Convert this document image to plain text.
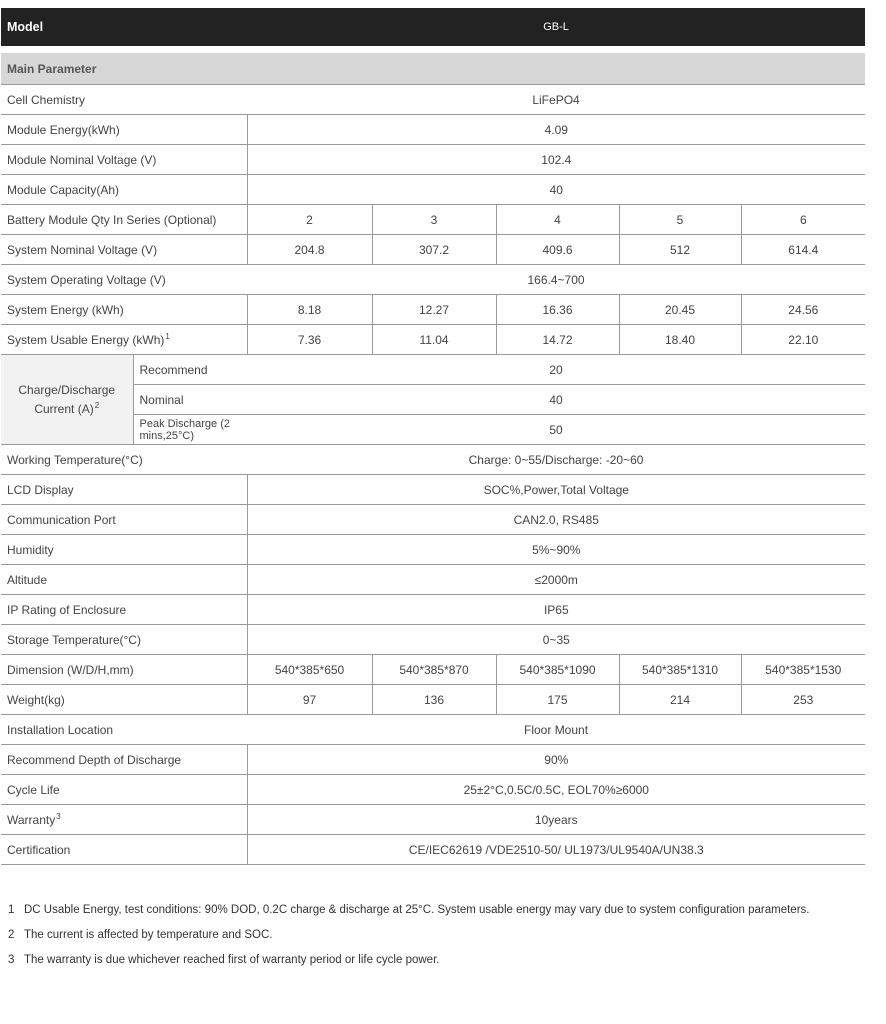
Model		GB-L				

Main Parameter						
Cell Chemistry		LiFePO4				
Module Energy(kWh)		4.09				
Module Nominal Voltage (V)		102.4				
Module Capacity(Ah)		40				
Battery Module Qty In Series (Optional)		2	3	4	5	6
System Nominal Voltage (V)		204.8	307.2	409.6	512	614.4
System Operating Voltage (V)		166.4~700				
System Energy (kWh)		8.18	12.27	16.36	20.45	24.56
System Usable Energy (kWh)$^1$		7.36	11.04	14.72	18.40	22.10
Charge/Discharge Current $(A)^2$	Recommend	20				
	Nominal	40				
	Peak Discharge (2 mins,25°C)	50				
Working Temperature(°C)		Charge: 0~55/Discharge: -20~60				
LCD Display		SOC%,Power,Total Voltage				
Communication Port		CAN2.0, RS485				
Humidity		5%~90%				
Altitude		≤2000m				
IP Rating of Enclosure		IP65				
Storage Temperature(°C)		0~35				
Dimension (W/D/H,mm)		540*385*650	540*385*870	540*385*1090	540*385*1310	540*385*1530
Weight(kg)		97	136	175	214	253
Installation Location		Floor Mount				
Recommend Depth of Discharge		90%				
Cycle Life		25±2°C,0.5C/0.5C, EOL70%≥6000				
Warranty$^3$		10years				
Certification		CE/IEC62619 /VDE2510-50/ UL1973/UL9540A/UN38.3				
1 DC Usable Energy, test conditions: 90% DOD, 0.2C charge & discharge at 25°C. System usable energy may vary due to system configuration parameters.
2 The current is affected by temperature and SOC.
3 The warranty is due whichever reached first of warranty period or life cycle power.
